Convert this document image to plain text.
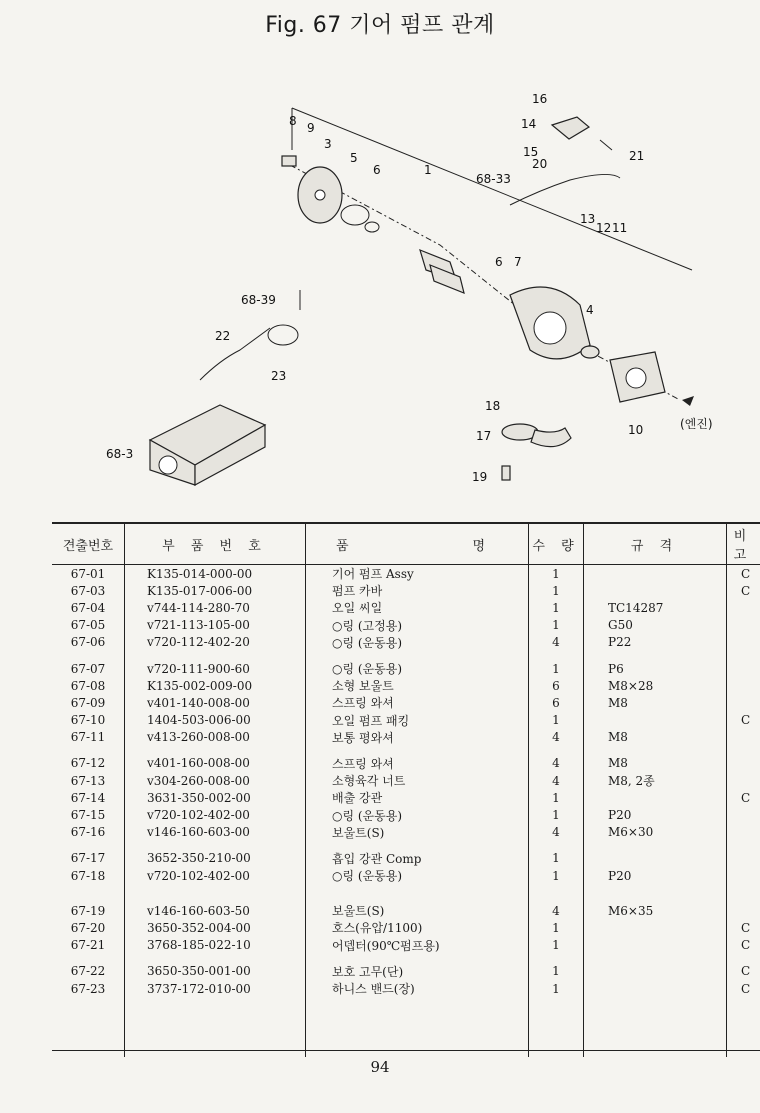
Fig. 67 기어 펌프 관계
8 9
3
5
6	1
16
14
15	21
20
68-33
13
12 11
6 7
4
68-39
22
23
68-3
18
17
19
10	(엔진)
견출번호	부 품 번 호	품 명	수 량	규 격	비 고
67-01	K135-014-000-00	기어 펌프 Assy	1		C
67-03	K135-017-006-00	펌프 카바	1		C
67-04	v744-114-280-70	오일 씨일	1	TC14287	
67-05	v721-113-105-00	○링 (고정용)	1	G50	
67-06	v720-112-402-20	○링 (운동용)	4	P22	

67-07	v720-111-900-60	○링 (운동용)	1	P6	
67-08	K135-002-009-00	소형 보울트	6	M8×28	
67-09	v401-140-008-00	스프링 와셔	6	M8	
67-10	1404-503-006-00	오일 펌프 패킹	1		C
67-11	v413-260-008-00	보통 평와셔	4	M8	

67-12	v401-160-008-00	스프링 와셔	4	M8	
67-13	v304-260-008-00	소형육각 너트	4	M8, 2종	
67-14	3631-350-002-00	배출 강관	1		C
67-15	v720-102-402-00	○링 (운동용)	1	P20	
67-16	v146-160-603-00	보울트(S)	4	M6×30	

67-17	3652-350-210-00	흡입 강관 Comp	1		
67-18	v720-102-402-00	○링 (운동용)	1	P20	

67-19	v146-160-603-50	보울트(S)	4	M6×35	
67-20	3650-352-004-00	호스(유압/1100)	1		C
67-21	3768-185-022-10	어뎁터(90℃펌프용)	1		C

67-22	3650-350-001-00	보호 고무(단)	1		C
67-23	3737-172-010-00	하니스 밴드(장)	1		C

94
